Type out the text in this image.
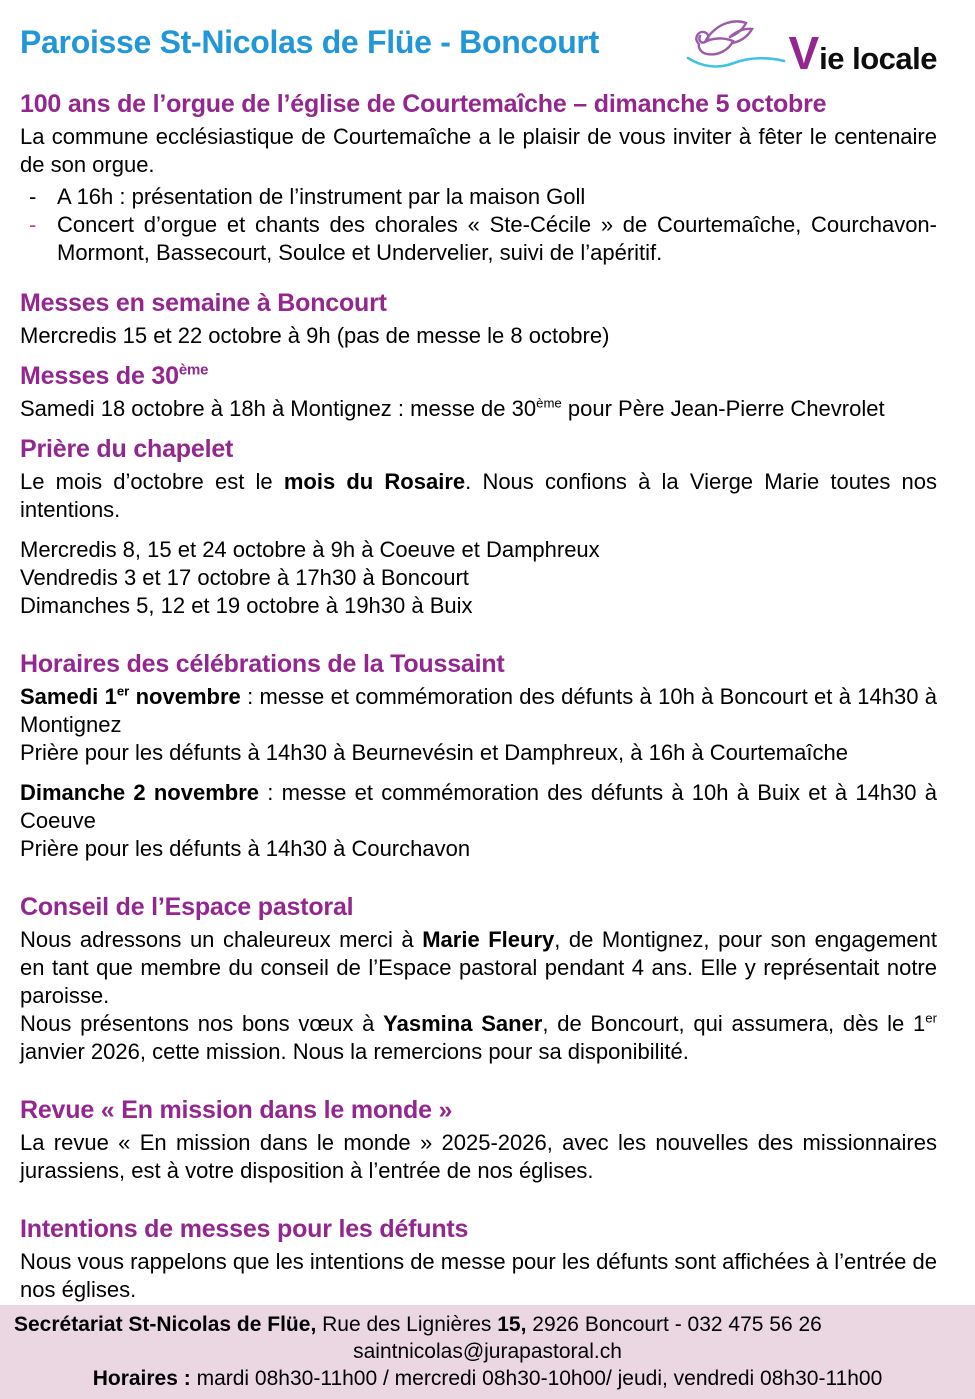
Paroisse St-Nicolas de Flüe - Boncourt	Vie locale
100 ans de l’orgue de l’église de Courtemaîche – dimanche 5 octobre

La commune ecclésiastique de Courtemaîche a le plaisir de vous inviter à fêter le centenaire de son orgue.

- A 16h : présentation de l’instrument par la maison Goll
- Concert d’orgue et chants des chorales « Ste-Cécile » de Courtemaîche, Courchavon-Mormont, Bassecourt, Soulce et Undervelier, suivi de l’apéritif.
Messes en semaine à Boncourt

Mercredis 15 et 22 octobre à 9h (pas de messe le 8 octobre)

Messes de 30ème

Samedi 18 octobre à 18h à Montignez : messe de 30ème pour Père Jean-Pierre Chevrolet

Prière du chapelet

Le mois d’octobre est le mois du Rosaire. Nous confions à la Vierge Marie toutes nos intentions.

Mercredis 8, 15 et 24 octobre à 9h à Coeuve et Damphreux

Vendredis 3 et 17 octobre à 17h30 à Boncourt

Dimanches 5, 12 et 19 octobre à 19h30 à Buix

Horaires des célébrations de la Toussaint

Samedi 1er novembre : messe et commémoration des défunts à 10h à Boncourt et à 14h30 à Montignez

Prière pour les défunts à 14h30 à Beurnevésin et Damphreux, à 16h à Courtemaîche

Dimanche 2 novembre : messe et commémoration des défunts à 10h à Buix et à 14h30 à Coeuve

Prière pour les défunts à 14h30 à Courchavon

Conseil de l’Espace pastoral

Nous adressons un chaleureux merci à Marie Fleury, de Montignez, pour son engagement en tant que membre du conseil de l’Espace pastoral pendant 4 ans. Elle y représentait notre paroisse.

Nous présentons nos bons vœux à Yasmina Saner, de Boncourt, qui assumera, dès le 1er janvier 2026, cette mission. Nous la remercions pour sa disponibilité.

Revue « En mission dans le monde »

La revue « En mission dans le monde » 2025-2026, avec les nouvelles des missionnaires jurassiens, est à votre disposition à l’entrée de nos églises.

Intentions de messes pour les défunts

Nous vous rappelons que les intentions de messe pour les défunts sont affichées à l’entrée de nos églises.

Secrétariat St-Nicolas de Flüe, Rue des Lignières 15, 2926 Boncourt - 032 475 56 26

saintnicolas@jurapastoral.ch

Horaires : mardi 08h30-11h00 / mercredi 08h30-10h00/ jeudi, vendredi 08h30-11h00
